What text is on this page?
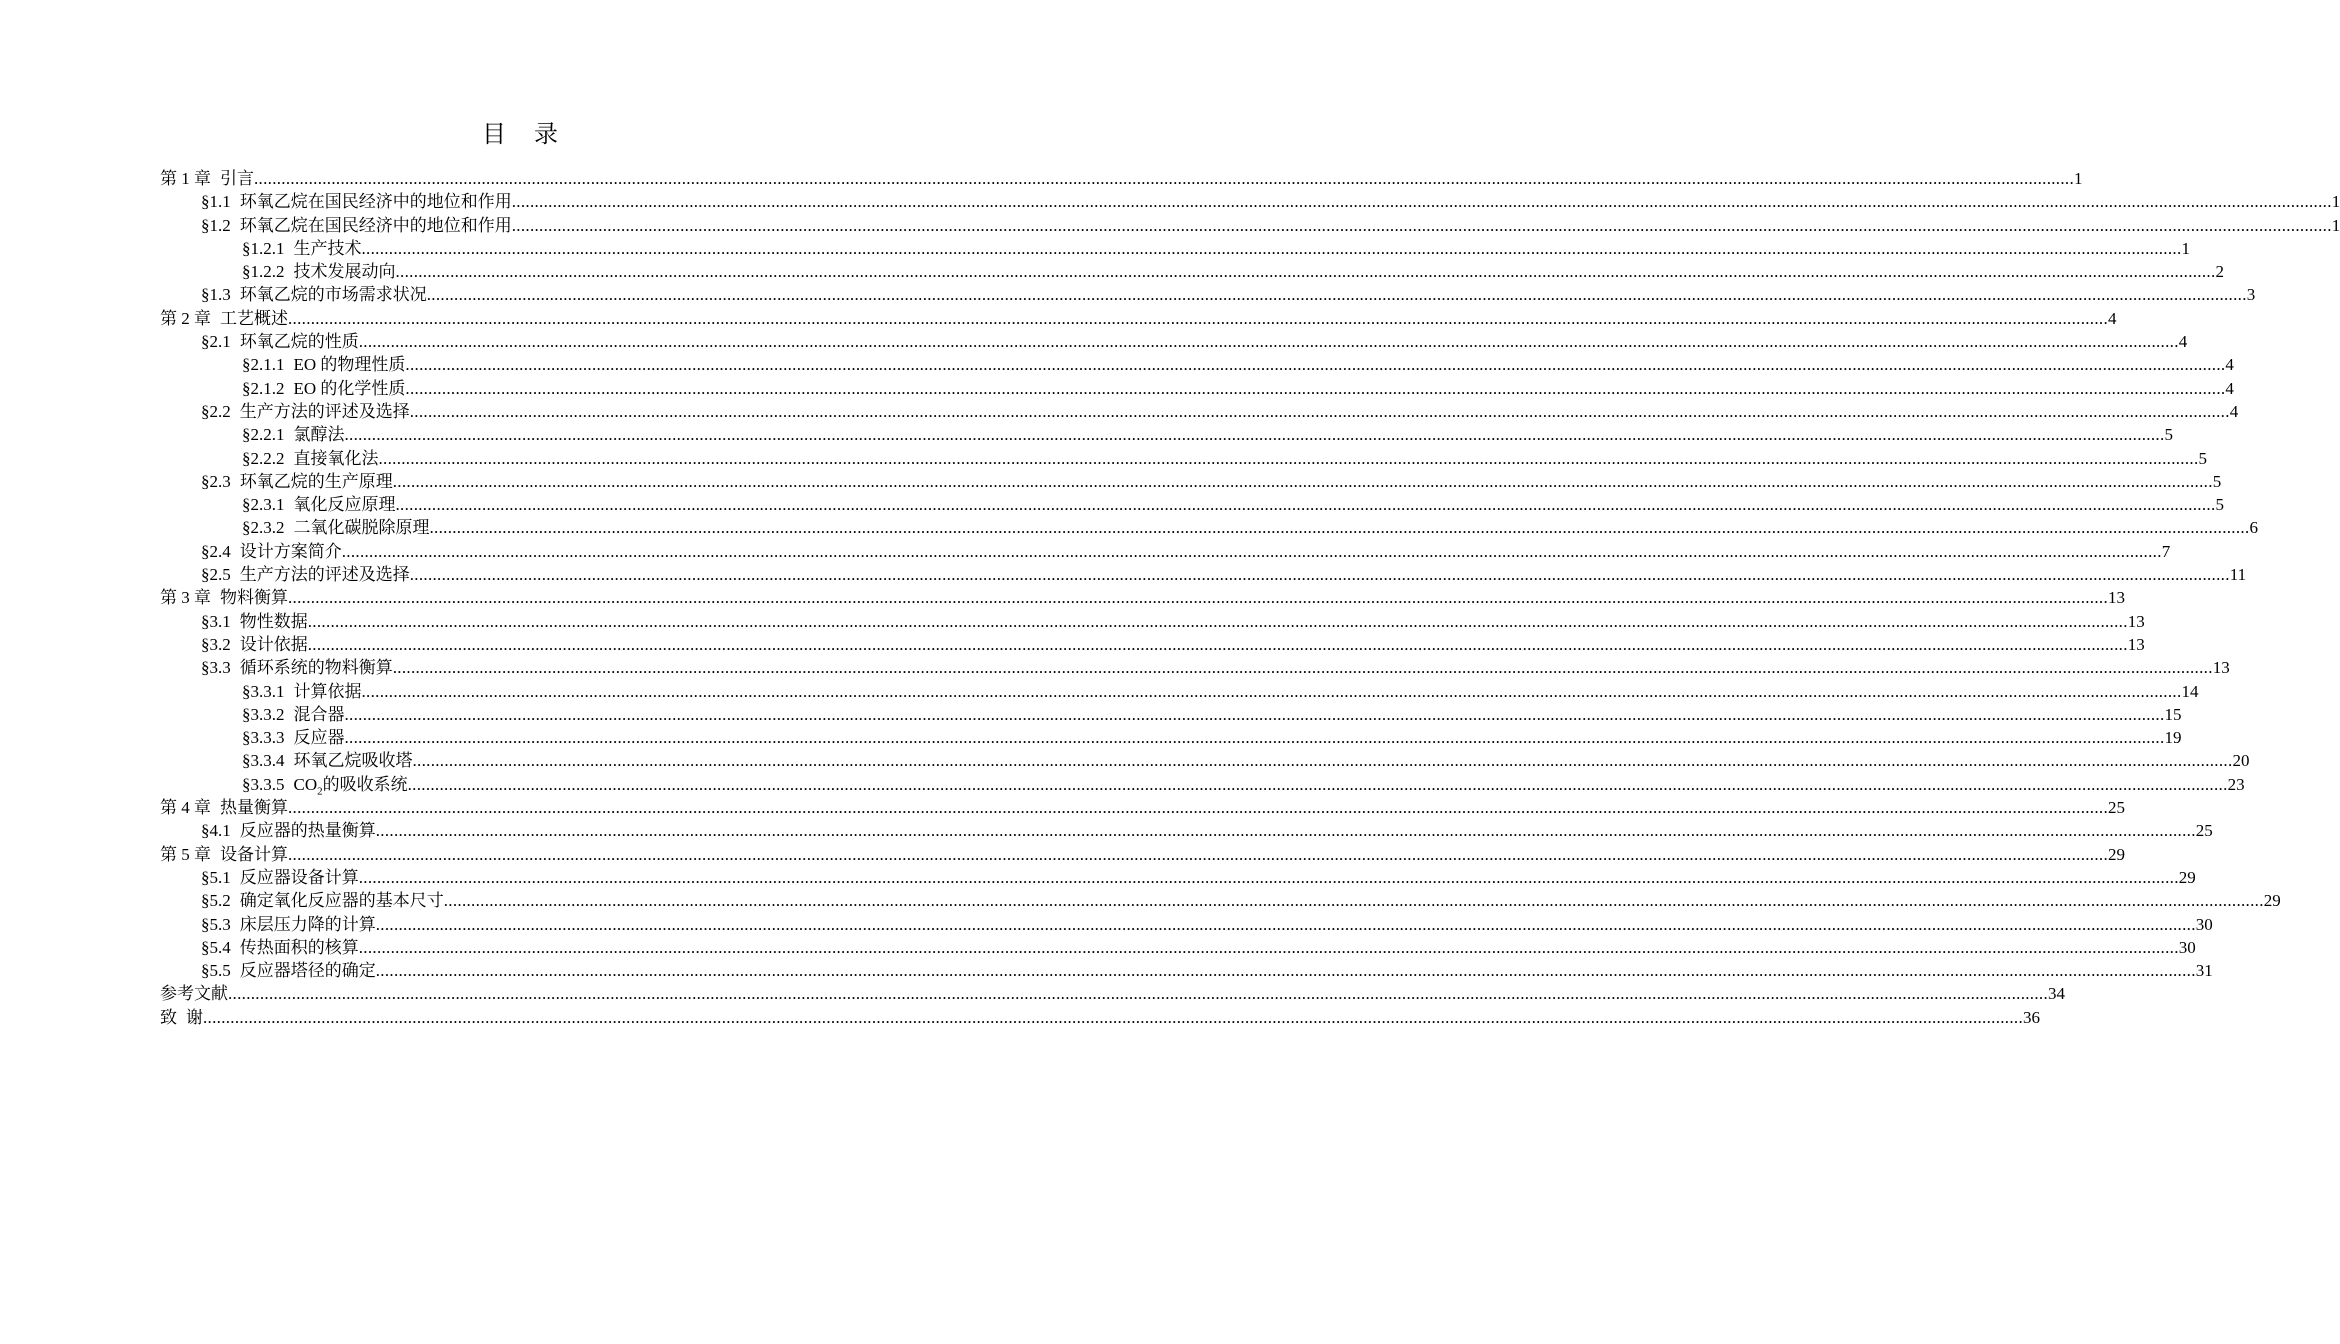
目 录
第 1 章 引言 ................................................................................................................................................................................................................................................................................................................................................................................................................ 1
§1.1 环氧乙烷在国民经济中的地位和作用 ................................................................................................................................................................................................................................................................................................................................................................................................................ 1
§1.2 环氧乙烷在国民经济中的地位和作用 ................................................................................................................................................................................................................................................................................................................................................................................................................ 1
§1.2.1 生产技术 ................................................................................................................................................................................................................................................................................................................................................................................................................ 1
§1.2.2 技术发展动向 ................................................................................................................................................................................................................................................................................................................................................................................................................ 2
§1.3 环氧乙烷的市场需求状况 ................................................................................................................................................................................................................................................................................................................................................................................................................ 3
第 2 章 工艺概述 ................................................................................................................................................................................................................................................................................................................................................................................................................ 4
§2.1 环氧乙烷的性质 ................................................................................................................................................................................................................................................................................................................................................................................................................ 4
§2.1.1 EO 的物理性质 ................................................................................................................................................................................................................................................................................................................................................................................................................ 4
§2.1.2 EO 的化学性质 ................................................................................................................................................................................................................................................................................................................................................................................................................ 4
§2.2 生产方法的评述及选择 ................................................................................................................................................................................................................................................................................................................................................................................................................ 4
§2.2.1 氯醇法 ................................................................................................................................................................................................................................................................................................................................................................................................................ 5
§2.2.2 直接氧化法 ................................................................................................................................................................................................................................................................................................................................................................................................................ 5
§2.3 环氧乙烷的生产原理 ................................................................................................................................................................................................................................................................................................................................................................................................................ 5
§2.3.1 氧化反应原理 ................................................................................................................................................................................................................................................................................................................................................................................................................ 5
§2.3.2 二氧化碳脱除原理 ................................................................................................................................................................................................................................................................................................................................................................................................................ 6
§2.4 设计方案简介 ................................................................................................................................................................................................................................................................................................................................................................................................................ 7
§2.5 生产方法的评述及选择 ................................................................................................................................................................................................................................................................................................................................................................................................................ 11
第 3 章 物料衡算 ................................................................................................................................................................................................................................................................................................................................................................................................................ 13
§3.1 物性数据 ................................................................................................................................................................................................................................................................................................................................................................................................................ 13
§3.2 设计依据 ................................................................................................................................................................................................................................................................................................................................................................................................................ 13
§3.3 循环系统的物料衡算 ................................................................................................................................................................................................................................................................................................................................................................................................................ 13
§3.3.1 计算依据 ................................................................................................................................................................................................................................................................................................................................................................................................................ 14
§3.3.2 混合器 ................................................................................................................................................................................................................................................................................................................................................................................................................ 15
§3.3.3 反应器 ................................................................................................................................................................................................................................................................................................................................................................................................................ 19
§3.3.4 环氧乙烷吸收塔 ................................................................................................................................................................................................................................................................................................................................................................................................................ 20
§3.3.5 $CO_2$的吸收系统 ................................................................................................................................................................................................................................................................................................................................................................................................................ 23
第 4 章 热量衡算 ................................................................................................................................................................................................................................................................................................................................................................................................................ 25
§4.1 反应器的热量衡算 ................................................................................................................................................................................................................................................................................................................................................................................................................ 25
第 5 章 设备计算 ................................................................................................................................................................................................................................................................................................................................................................................................................ 29
§5.1 反应器设备计算 ................................................................................................................................................................................................................................................................................................................................................................................................................ 29
§5.2 确定氧化反应器的基本尺寸 ................................................................................................................................................................................................................................................................................................................................................................................................................ 29
§5.3 床层压力降的计算 ................................................................................................................................................................................................................................................................................................................................................................................................................ 30
§5.4 传热面积的核算 ................................................................................................................................................................................................................................................................................................................................................................................................................ 30
§5.5 反应器塔径的确定 ................................................................................................................................................................................................................................................................................................................................................................................................................ 31
参考文献 ................................................................................................................................................................................................................................................................................................................................................................................................................ 34
致 谢 ................................................................................................................................................................................................................................................................................................................................................................................................................ 36
